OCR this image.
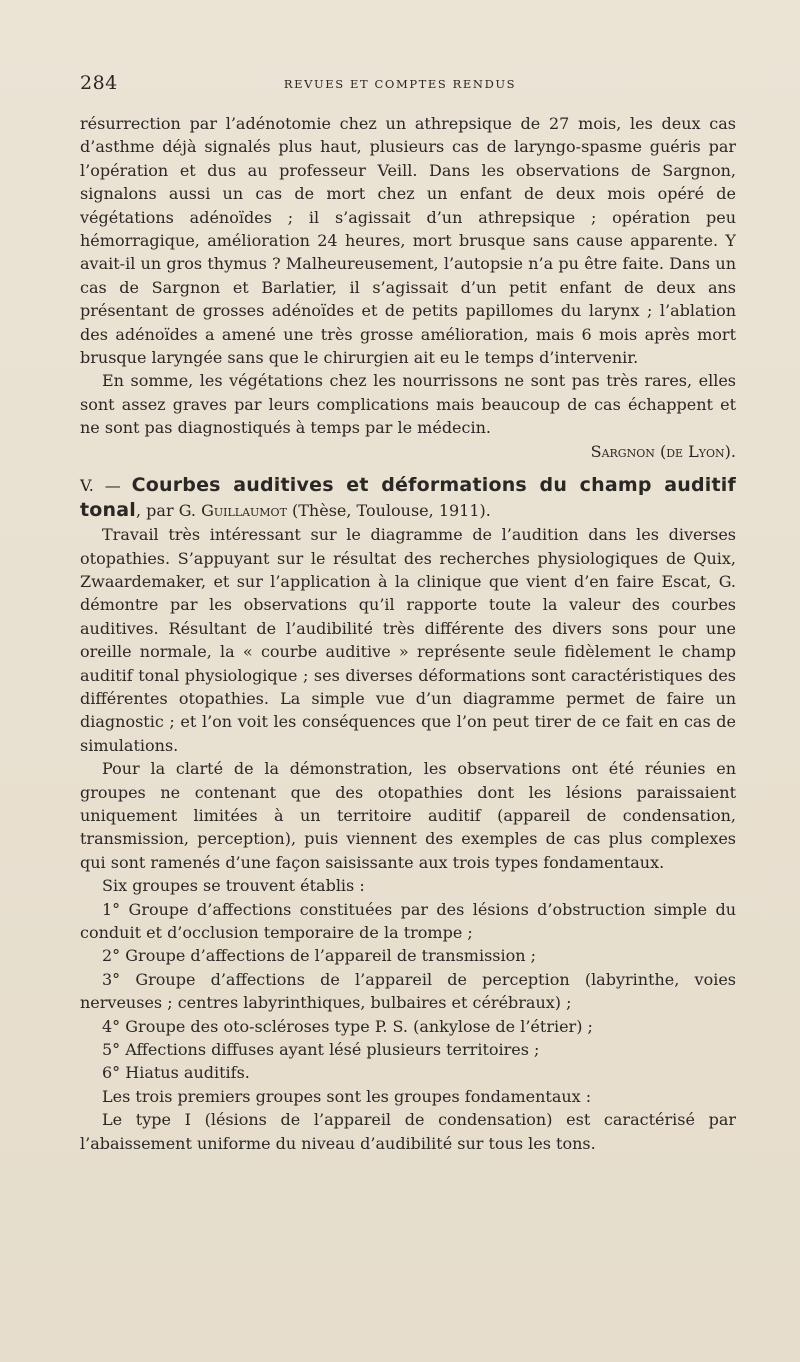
284	REVUES ET COMPTES RENDUS

résurrection par l’adénotomie chez un athrepsique de 27 mois, les deux cas d’asthme déjà signalés plus haut, plusieurs cas de laryngo-spasme guéris par l’opération et dus au professeur Veill. Dans les observations de Sargnon, signalons aussi un cas de mort chez un enfant de deux mois opéré de végétations adénoïdes ; il s’agissait d’un athrepsique ; opération peu hémorragique, amélioration 24 heures, mort brusque sans cause apparente. Y avait-il un gros thymus ? Malheureusement, l’autopsie n’a pu être faite. Dans un cas de Sargnon et Barlatier, il s’agissait d’un petit enfant de deux ans présentant de grosses adénoïdes et de petits papillomes du larynx ; l’ablation des adénoïdes a amené une très grosse amélioration, mais 6 mois après mort brusque laryngée sans que le chirurgien ait eu le temps d’intervenir.

En somme, les végétations chez les nourrissons ne sont pas très rares, elles sont assez graves par leurs complications mais beaucoup de cas échappent et ne sont pas diagnostiqués à temps par le médecin.

Sargnon (de Lyon).

V. — Courbes auditives et déformations du champ auditif tonal, par G. Guillaumot (Thèse, Toulouse, 1911).

Travail très intéressant sur le diagramme de l’audition dans les diverses otopathies. S’appuyant sur le résultat des recherches physiologiques de Quix, Zwaardemaker, et sur l’application à la clinique que vient d’en faire Escat, G. démontre par les observations qu’il rapporte toute la valeur des courbes auditives. Résultant de l’audibilité très différente des divers sons pour une oreille normale, la « courbe auditive » représente seule fidèlement le champ auditif tonal physiologique ; ses diverses déformations sont caractéristiques des différentes otopathies. La simple vue d’un diagramme permet de faire un diagnostic ; et l’on voit les conséquences que l’on peut tirer de ce fait en cas de simulations.

Pour la clarté de la démonstration, les observations ont été réunies en groupes ne contenant que des otopathies dont les lésions paraissaient uniquement limitées à un territoire auditif (appareil de condensation, transmission, perception), puis viennent des exemples de cas plus complexes qui sont ramenés d’une façon saisissante aux trois types fondamentaux.

Six groupes se trouvent établis :

1° Groupe d’affections constituées par des lésions d’obstruction simple du conduit et d’occlusion temporaire de la trompe ;

2° Groupe d’affections de l’appareil de transmission ;

3° Groupe d’affections de l’appareil de perception (labyrinthe, voies nerveuses ; centres labyrinthiques, bulbaires et cérébraux) ;

4° Groupe des oto-scléroses type P. S. (ankylose de l’étrier) ;

5° Affections diffuses ayant lésé plusieurs territoires ;

6° Hiatus auditifs.

Les trois premiers groupes sont les groupes fondamentaux :

Le type I (lésions de l’appareil de condensation) est caractérisé par l’abaissement uniforme du niveau d’audibilité sur tous les tons.
